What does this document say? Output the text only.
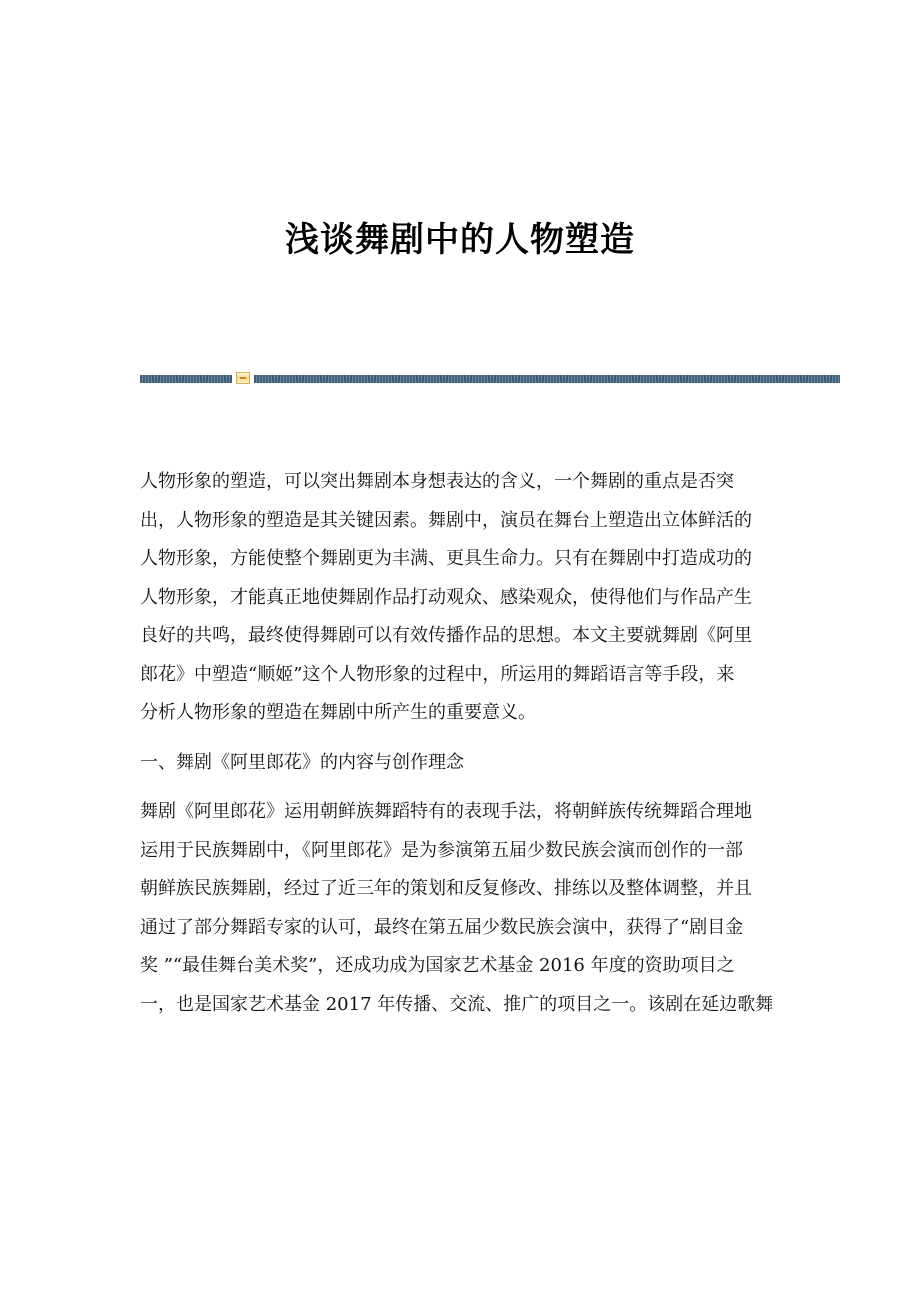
浅谈舞剧中的人物塑造
人物形象的塑造，可以突出舞剧本身想表达的含义，一个舞剧的重点是否突
出，人物形象的塑造是其关键因素。舞剧中，演员在舞台上塑造出立体鲜活的
人物形象，方能使整个舞剧更为丰满、更具生命力。只有在舞剧中打造成功的
人物形象，才能真正地使舞剧作品打动观众、感染观众，使得他们与作品产生
良好的共鸣，最终使得舞剧可以有效传播作品的思想。本文主要就舞剧《阿里
郎花》中塑造“顺姬”这个人物形象的过程中，所运用的舞蹈语言等手段，来
分析人物形象的塑造在舞剧中所产生的重要意义。
一、舞剧《阿里郎花》的内容与创作理念
舞剧《阿里郎花》运用朝鲜族舞蹈特有的表现手法，将朝鲜族传统舞蹈合理地
运用于民族舞剧中，《阿里郎花》是为参演第五届少数民族会演而创作的一部
朝鲜族民族舞剧，经过了近三年的策划和反复修改、排练以及整体调整，并且
通过了部分舞蹈专家的认可，最终在第五届少数民族会演中，获得了“剧目金
奖 ”“最佳舞台美术奖”，还成功成为国家艺术基金 2016 年度的资助项目之
一，也是国家艺术基金 2017 年传播、交流、推广的项目之一。该剧在延边歌舞
